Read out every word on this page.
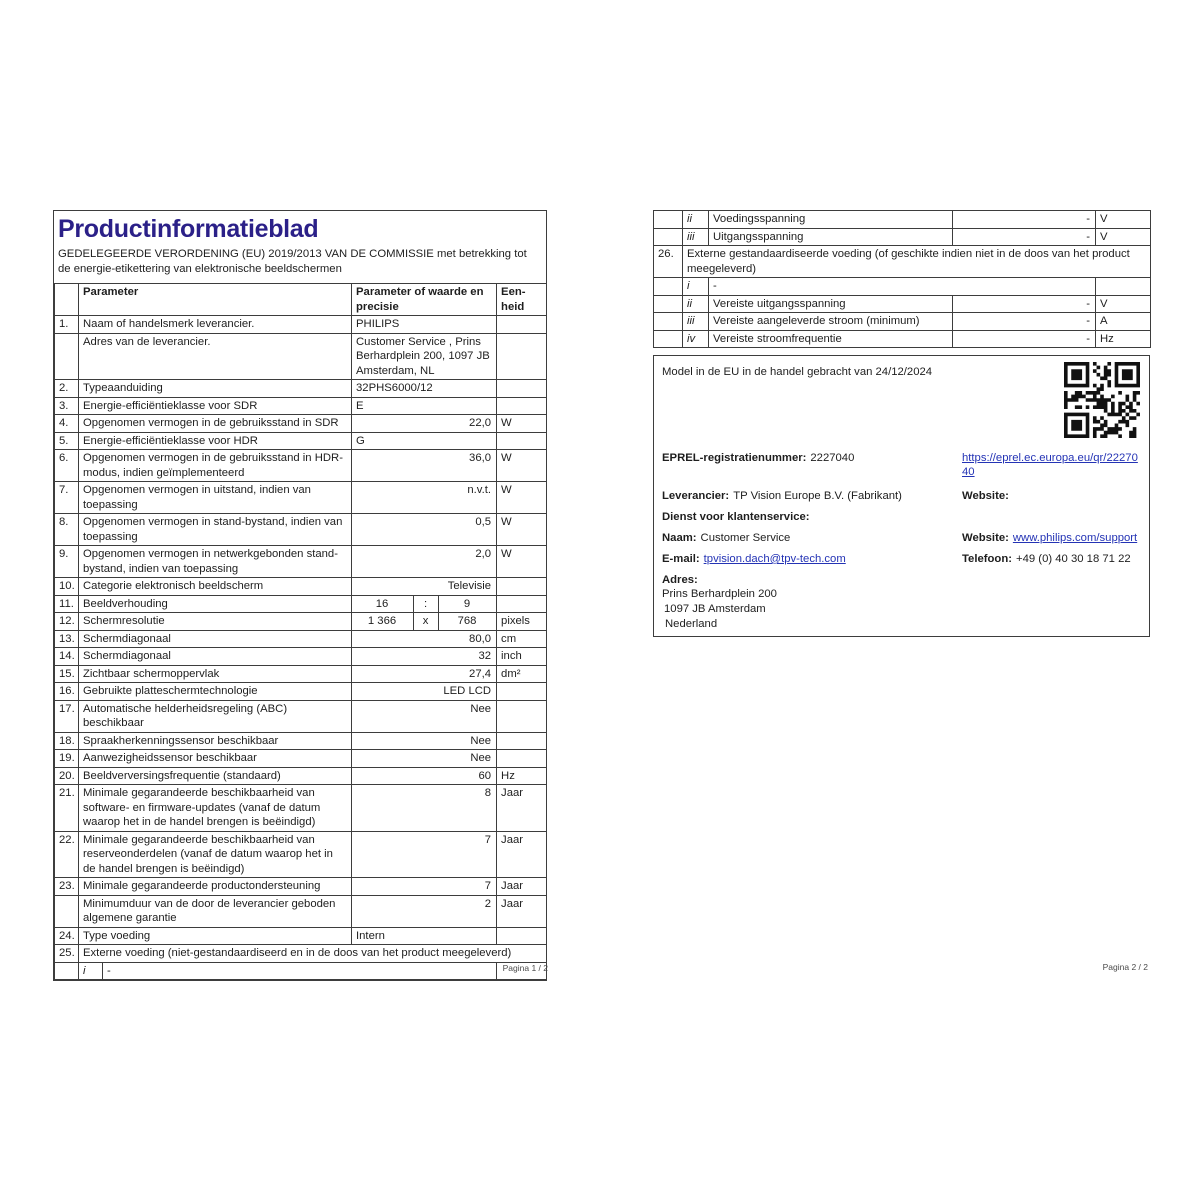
Productinformatieblad

GEDELEGEERDE VERORDENING (EU) 2019/2013 VAN DE COMMISSIE met betrekking tot de energie-etikettering van elektronische beeldschermen

	Parameter		Parameter of waarde en precisie			Een-heid
1.	Naam of handelsmerk leverancier.		PHILIPS			
	Adres van de leverancier.		Customer Service , Prins Berhardplein 200, 1097 JB Amsterdam, NL			
2.	Typeaanduiding		32PHS6000/12			
3.	Energie-efficiëntieklasse voor SDR		E			
4.	Opgenomen vermogen in de gebruiksstand in SDR		22,0			W
5.	Energie-efficiëntieklasse voor HDR		G			
6.	Opgenomen vermogen in de gebruiksstand in HDR-modus, indien geïmplementeerd		36,0			W
7.	Opgenomen vermogen in uitstand, indien van toepassing		n.v.t.			W
8.	Opgenomen vermogen in stand-bystand, indien van toepassing		0,5			W
9.	Opgenomen vermogen in netwerkgebonden stand-bystand, indien van toepassing		2,0			W
10.	Categorie elektronisch beeldscherm		Televisie			
11.	Beeldverhouding		16	:	9	
12.	Schermresolutie		1 366	x	768	pixels
13.	Schermdiagonaal		80,0			cm
14.	Schermdiagonaal		32			inch
15.	Zichtbaar schermoppervlak		27,4			dm²
16.	Gebruikte platteschermtechnologie		LED LCD			
17.	Automatische helderheidsregeling (ABC) beschikbaar		Nee			
18.	Spraakherkenningssensor beschikbaar		Nee			
19.	Aanwezigheidssensor beschikbaar		Nee			
20.	Beeldverversingsfrequentie (standaard)		60			Hz
21.	Minimale gegarandeerde beschikbaarheid van software- en firmware-updates (vanaf de datum waarop het in de handel brengen is beëindigd)		8			Jaar
22.	Minimale gegarandeerde beschikbaarheid van reserveonderdelen (vanaf de datum waarop het in de handel brengen is beëindigd)		7			Jaar
23.	Minimale gegarandeerde productondersteuning		7			Jaar
	Minimumduur van de door de leverancier geboden algemene garantie		2			Jaar
24.	Type voeding		Intern			
25.	Externe voeding (niet-gestandaardiseerd en in de doos van het product meegeleverd)					
	i	-					Pagina 1 / 2
	ii	Voedingsspanning	-	V
	iii	Uitgangsspanning	-	V
26.	Externe gestandaardiseerde voeding (of geschikte indien niet in de doos van het product meegeleverd)			
	i	-		
	ii	Vereiste uitgangsspanning	-	V
	iii	Vereiste aangeleverde stroom (minimum)	-	A
	iv	Vereiste stroomfrequentie	-	Hz
Model in de EU in de handel gebracht van 24/12/2024
EPREL-registratienummer: 2227040	https://eprel.ec.europa.eu/qr/2227040
Leverancier: TP Vision Europe B.V. (Fabrikant)	Website:
Dienst voor klantenservice:
Naam: Customer Service	Website: www.philips.com/support
E-mail: tpvision.dach@tpv-tech.com	Telefoon: +49 (0) 40 30 18 71 22
Adres:
Prins Berhardplein 200
1097 JB Amsterdam
Nederland
Pagina 2 / 2
